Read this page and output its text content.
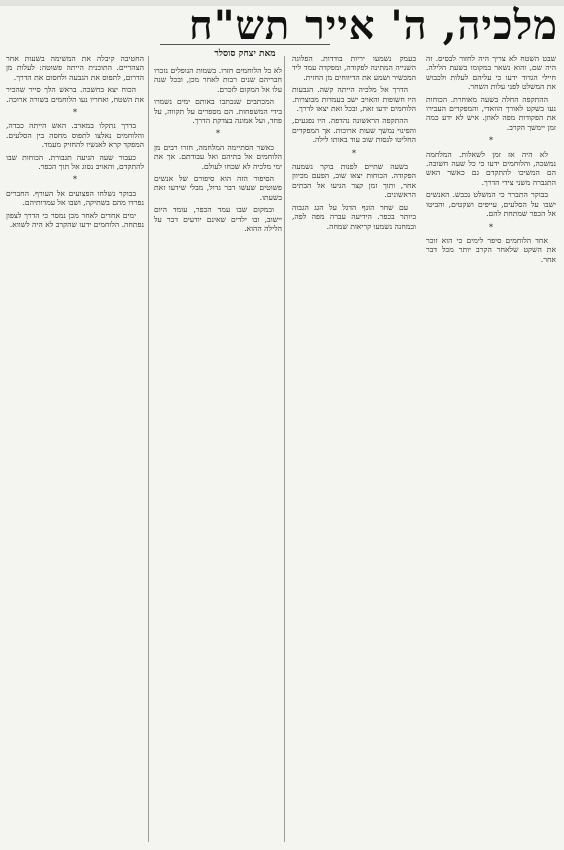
מלכיה, ה' אייר תש"ח
מאת יצחק סוסלר	שבט השטח לא צריך היה לחזור לבסיס. זה היה שם, והוא נשאר במקומו בשעת הלילה. חיילי הגדוד ידעו כי עליהם לעלות ולכבוש את המשלט לפני עלות השחר.

ההתקפה החלה בשעה מאוחרת. הכוחות נעו בשקט לאורך הוואדי, והמפקדים העבירו את הפקודות מפה לאוזן. איש לא ידע כמה זמן יימשך הקרב.

*

לא היה אז זמן לשאלות. המלחמה נמשכה, והלוחמים ידעו כי כל שעה חשובה. הם המשיכו להתקדם גם כאשר האש התגברה משני צידי הדרך.

בבוקר התברר כי המשלט נכבש. האנשים ישבו על הסלעים, עייפים ושקטים, והביטו אל הכפר שמתחת להם.

*

אחד הלוחמים סיפר לימים כי הוא זוכר את השקט שלאחר הקרב יותר מכל דבר אחר.

בעמק נשמעו יריות בודדות. הפלוגה השנייה המתינה לפקודה, ומפקדה עמד ליד המכשיר ושמע את הדיווחים מן החזית.

הדרך אל מלכיה הייתה קשה. הגבעות היו חשופות והאויב ישב בעמדות מבוצרות. הלוחמים ידעו זאת, ובכל זאת יצאו לדרך.

ההתקפה הראשונה נהדפה. היו נפגעים, והפינוי נמשך שעות ארוכות. אך המפקדים החליטו לנסות שוב עוד באותו לילה.

*

בשעה שתיים לפנות בוקר נשמעה הפקודה. הכוחות יצאו שוב, הפעם מכיוון אחר, ותוך זמן קצר הגיעו אל הבתים הראשונים.

עם שחר הונף הדגל על הגג הגבוה ביותר בכפר. הידיעה עברה מפה לפה, ובמחנה נשמעו קריאות שמחה.

לא כל הלוחמים חזרו. בשמות הנופלים נזכרו חבריהם שנים רבות לאחר מכן, ובכל שנה עלו אל המקום לזכרם.

המכתבים שנכתבו באותם ימים נשמרו בידי המשפחות. הם מספרים על תקווה, על פחד, ועל אמונה בצדקת הדרך.

*

כאשר הסתיימה המלחמה, חזרו רבים מן הלוחמים אל בתיהם ואל עבודתם. אך את ימי מלכיה לא שכחו לעולם.

הסיפור הזה הוא סיפורם של אנשים פשוטים שעשו דבר גדול, מבלי שידעו זאת בשעתו.

ובמקום שבו עמד הכפר, עומד היום יישוב, ובו ילדים שאינם יודעים דבר על הלילה ההוא.

החטיבה קיבלה את המשימה בשעות אחר הצהריים. התוכנית הייתה פשוטה: לעלות מן הדרום, לתפוס את הגבעה ולחסום את הדרך.

הכוח יצא בחשכה. בראש הלך סייר שהכיר את השטח, ואחריו נעו הלוחמים בשורה ארוכה.

*

בדרך נתקלו במארב. האש הייתה כבדה, והלוחמים נאלצו לתפוס מחסה בין הסלעים. המפקד קרא לאנשיו להחזיק מעמד.

כעבור שעה הגיעה תגבורת. הכוחות שבו להתקדם, והאויב נסוג אל תוך הכפר.

*

בבוקר נשלחו הפצועים אל העורף. החברים נפרדו מהם בשתיקה, ושבו אל עמדותיהם.

ימים אחדים לאחר מכן נמסר כי הדרך לצפון נפתחה. הלוחמים ידעו שהקרב לא היה לשווא.
